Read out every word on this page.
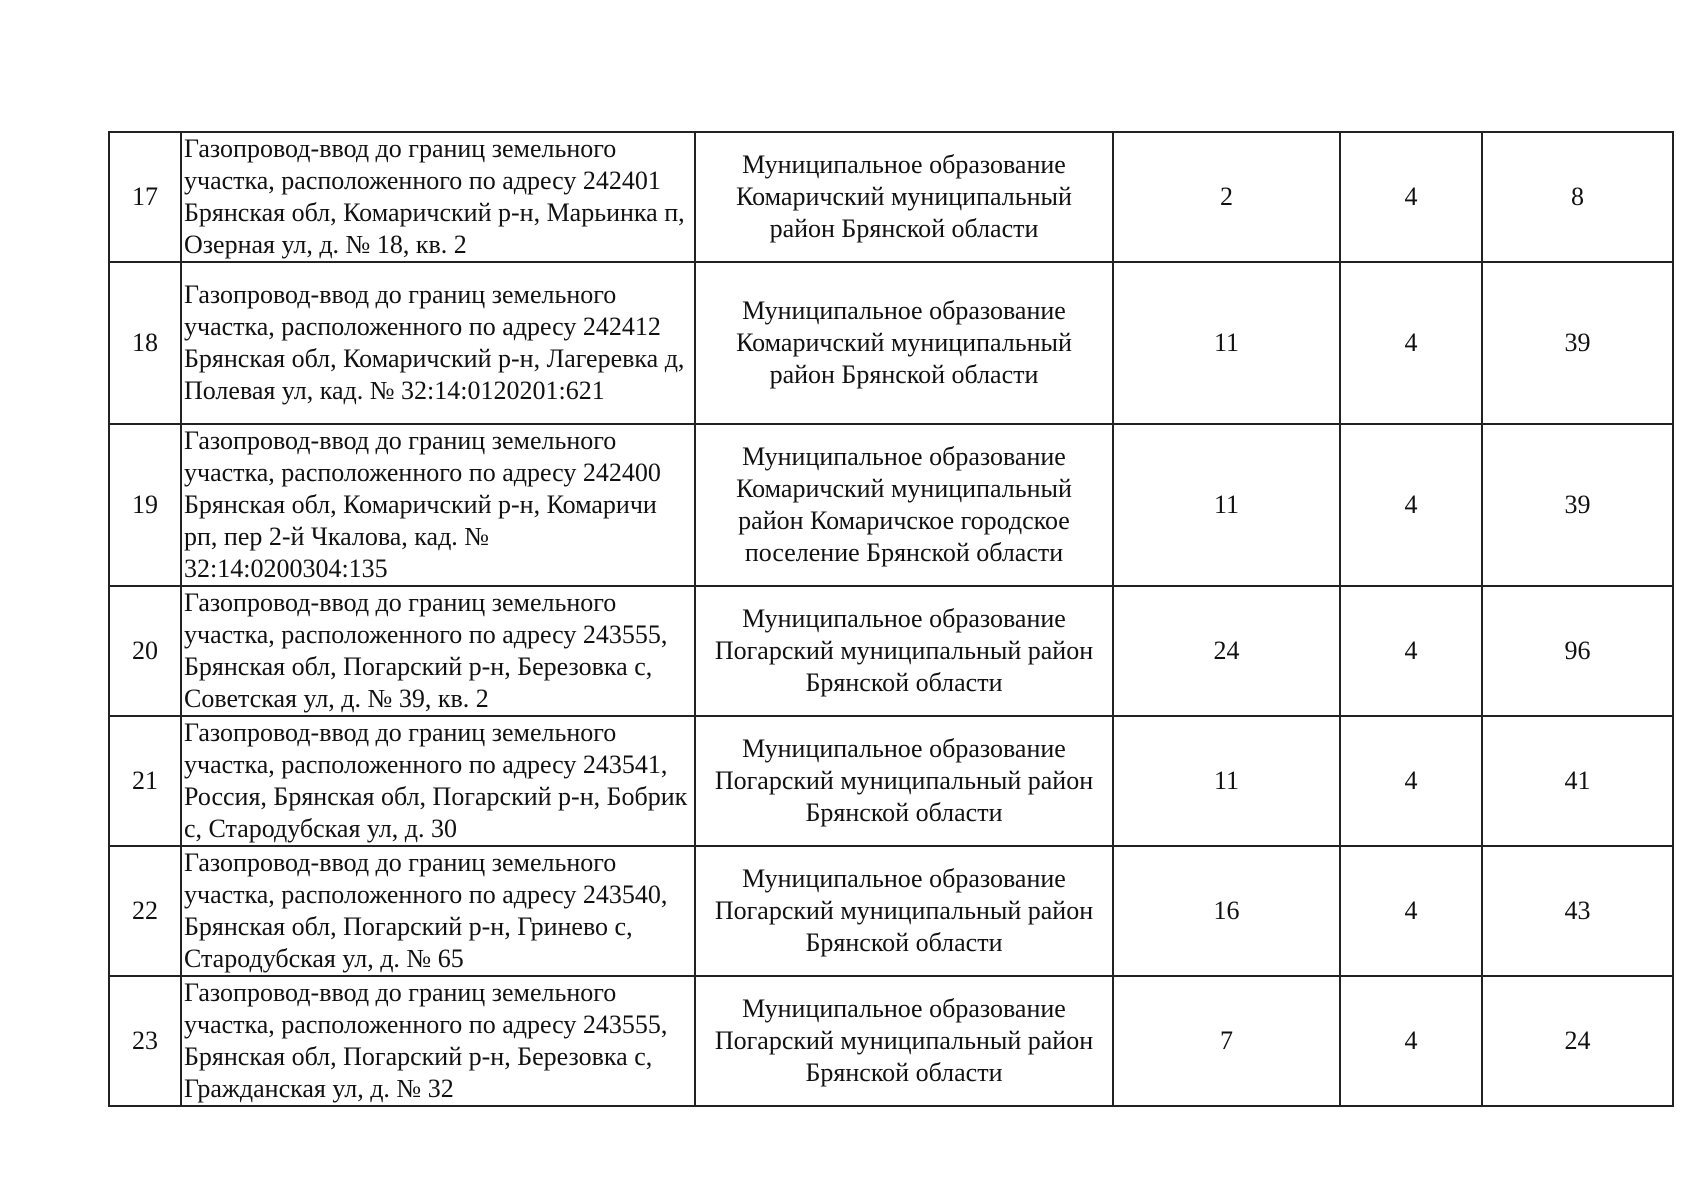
17	Газопровод-ввод до границ земельного участка, расположенного по адресу 242401 Брянская обл, Комаричский р-н, Марьинка п, Озерная ул, д. № 18, кв. 2	Муниципальное образование Комаричский муниципальный район Брянской области	2	4	8
18	Газопровод-ввод до границ земельного участка, расположенного по адресу 242412 Брянская обл, Комаричский р-н, Лагеревка д, Полевая ул, кад. № 32:14:0120201:621	Муниципальное образование Комаричский муниципальный район Брянской области	11	4	39
19	Газопровод-ввод до границ земельного участка, расположенного по адресу 242400 Брянская обл, Комаричский р-н, Комаричи рп, пер 2-й Чкалова, кад. № 32:14:0200304:135	Муниципальное образование Комаричский муниципальный район Комаричское городское поселение Брянской области	11	4	39
20	Газопровод-ввод до границ земельного участка, расположенного по адресу 243555, Брянская обл, Погарский р-н, Березовка с, Советская ул, д. № 39, кв. 2	Муниципальное образование Погарский муниципальный район Брянской области	24	4	96
21	Газопровод-ввод до границ земельного участка, расположенного по адресу 243541, Россия, Брянская обл, Погарский р-н, Бобрик с, Стародубская ул, д. 30	Муниципальное образование Погарский муниципальный район Брянской области	11	4	41
22	Газопровод-ввод до границ земельного участка, расположенного по адресу 243540, Брянская обл, Погарский р-н, Гринево с, Стародубская ул, д. № 65	Муниципальное образование Погарский муниципальный район Брянской области	16	4	43
23	Газопровод-ввод до границ земельного участка, расположенного по адресу 243555, Брянская обл, Погарский р-н, Березовка с, Гражданская ул, д. № 32	Муниципальное образование Погарский муниципальный район Брянской области	7	4	24
